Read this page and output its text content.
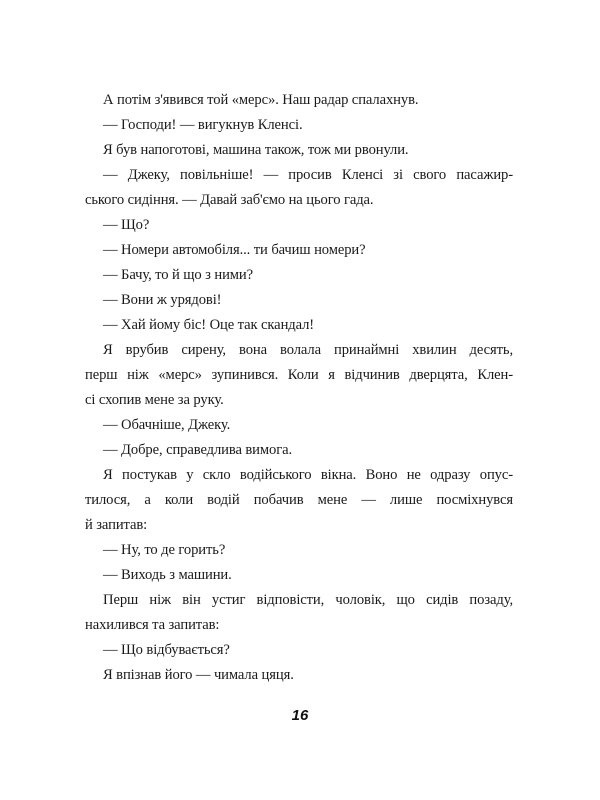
А потім з'явився той «мерс». Наш радар спалахнув.
— Господи! — вигукнув Кленсі.
Я був напоготові, машина також, тож ми рвонули.
— Джеку, повільніше! — просив Кленсі зі свого пасажир-
ського сидіння. — Давай заб'ємо на цього гада.
— Що?
— Номери автомобіля... ти бачиш номери?
— Бачу, то й що з ними?
— Вони ж урядові!
— Хай йому біс! Оце так скандал!
Я врубив сирену, вона волала принаймні хвилин десять,
перш ніж «мерс» зупинився. Коли я відчинив дверцята, Клен-
сі схопив мене за руку.
— Обачніше, Джеку.
— Добре, справедлива вимога.
Я постукав у скло водійського вікна. Воно не одразу опус-
тилося, а коли водій побачив мене — лише посміхнувся
й запитав:
— Ну, то де горить?
— Виходь з машини.
Перш ніж він устиг відповісти, чоловік, що сидів позаду,
нахилився та запитав:
— Що відбувається?
Я впізнав його — чимала цяця.
16
